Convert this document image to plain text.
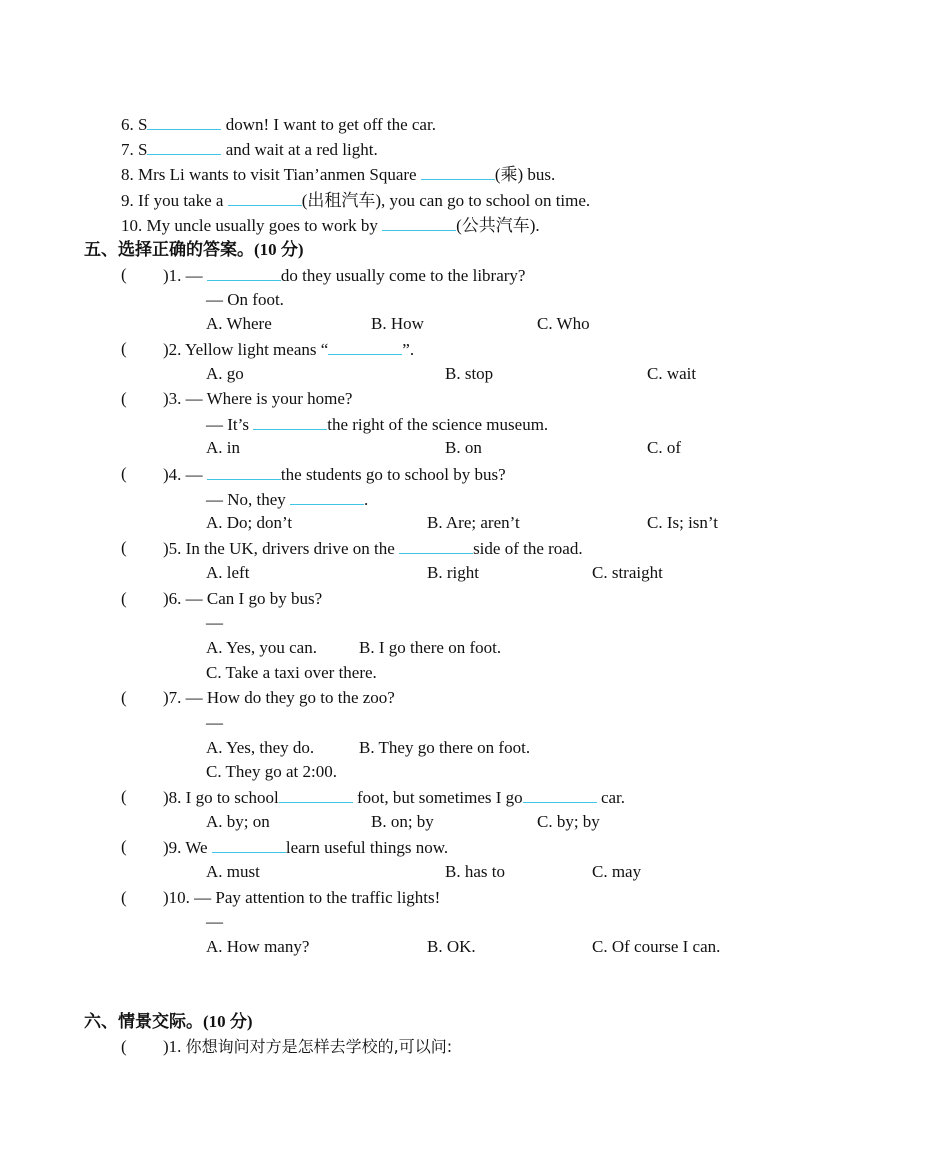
6. S	down! I want to get off the car.
7. S	and wait at a red light.
8. Mrs Li wants to visit Tian’anmen Square	(乘) bus.
9. If you take a	(出租汽车), you can go to school on time.
10. My uncle usually goes to work by	(公共汽车).
五、选择正确的答案。(10 分)
( )1. —	do they usually come to the library?
— On foot.
A. Where	B. How	C. Who
( )2. Yellow light means “	”.
A. go	B. stop	C. wait
( )3. — Where is your home?
— It’s	the right of the science museum.
A. in	B. on	C. of
( )4. —	the students go to school by bus?
— No, they	.
A. Do; don’t	B. Are; aren’t	C. Is; isn’t
( )5. In the UK, drivers drive on the	side of the road.
A. left	B. right	C. straight
( )6. — Can I go by bus?
—
A. Yes, you can. B. I go there on foot.
C. Take a taxi over there.
( )7. — How do they go to the zoo?
—
A. Yes, they do.	B. They go there on foot.
C. They go at 2:00.
( )8. I go to school	foot, but sometimes I go	car.
A. by; on	B. on; by	C. by; by
( )9. We	learn useful things now.
A. must	B. has to	C. may
( )10. — Pay attention to the traffic lights!
—
A. How many?	B. OK.	C. Of course I can.
六、情景交际。(10 分)
( )1. 你想询问对方是怎样去学校的,可以问:
